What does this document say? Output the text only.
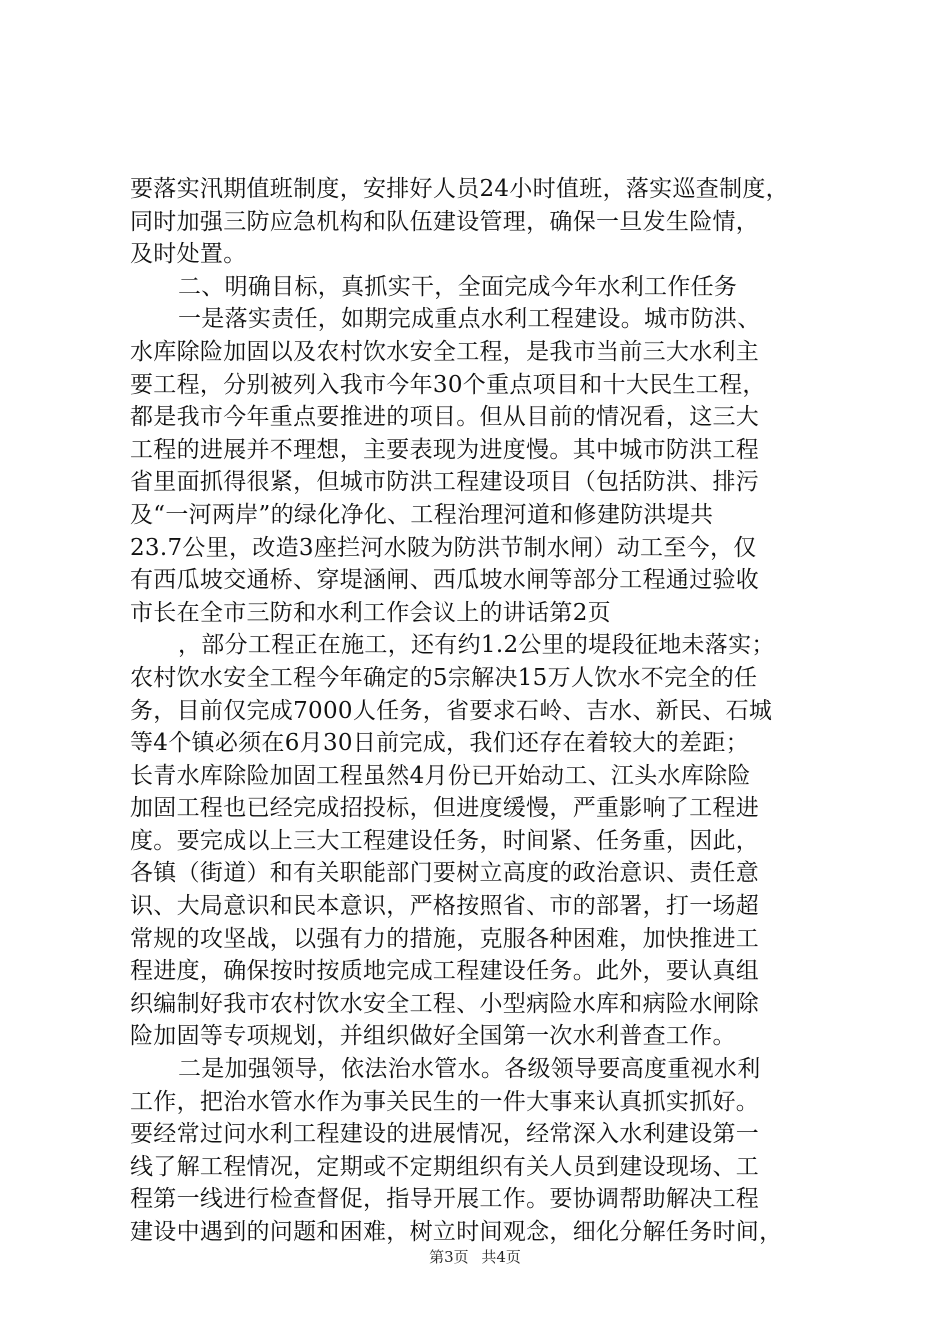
要落实汛期值班制度，安排好人员24小时值班，落实巡查制度，
同时加强三防应急机构和队伍建设管理，确保一旦发生险情，
及时处置。
二、明确目标，真抓实干，全面完成今年水利工作任务
一是落实责任，如期完成重点水利工程建设。城市防洪、
水库除险加固以及农村饮水安全工程，是我市当前三大水利主
要工程，分别被列入我市今年30个重点项目和十大民生工程，
都是我市今年重点要推进的项目。但从目前的情况看，这三大
工程的进展并不理想，主要表现为进度慢。其中城市防洪工程
省里面抓得很紧，但城市防洪工程建设项目（包括防洪、排污
及“一河两岸”的绿化净化、工程治理河道和修建防洪堤共
23.7公里，改造3座拦河水陂为防洪节制水闸）动工至今，仅
有西瓜坡交通桥、穿堤涵闸、西瓜坡水闸等部分工程通过验收
市长在全市三防和水利工作会议上的讲话第2页
，部分工程正在施工，还有约1.2公里的堤段征地未落实；
农村饮水安全工程今年确定的5宗解决15万人饮水不完全的任
务，目前仅完成7000人任务，省要求石岭、吉水、新民、石城
等4个镇必须在6月30日前完成，我们还存在着较大的差距；
长青水库除险加固工程虽然4月份已开始动工、江头水库除险
加固工程也已经完成招投标，但进度缓慢，严重影响了工程进
度。要完成以上三大工程建设任务，时间紧、任务重，因此，
各镇（街道）和有关职能部门要树立高度的政治意识、责任意
识、大局意识和民本意识，严格按照省、市的部署，打一场超
常规的攻坚战，以强有力的措施，克服各种困难，加快推进工
程进度，确保按时按质地完成工程建设任务。此外，要认真组
织编制好我市农村饮水安全工程、小型病险水库和病险水闸除
险加固等专项规划，并组织做好全国第一次水利普查工作。
二是加强领导，依法治水管水。各级领导要高度重视水利
工作，把治水管水作为事关民生的一件大事来认真抓实抓好。
要经常过问水利工程建设的进展情况，经常深入水利建设第一
线了解工程情况，定期或不定期组织有关人员到建设现场、工
程第一线进行检查督促，指导开展工作。要协调帮助解决工程
建设中遇到的问题和困难，树立时间观念，细化分解任务时间，
第3页 共4页
